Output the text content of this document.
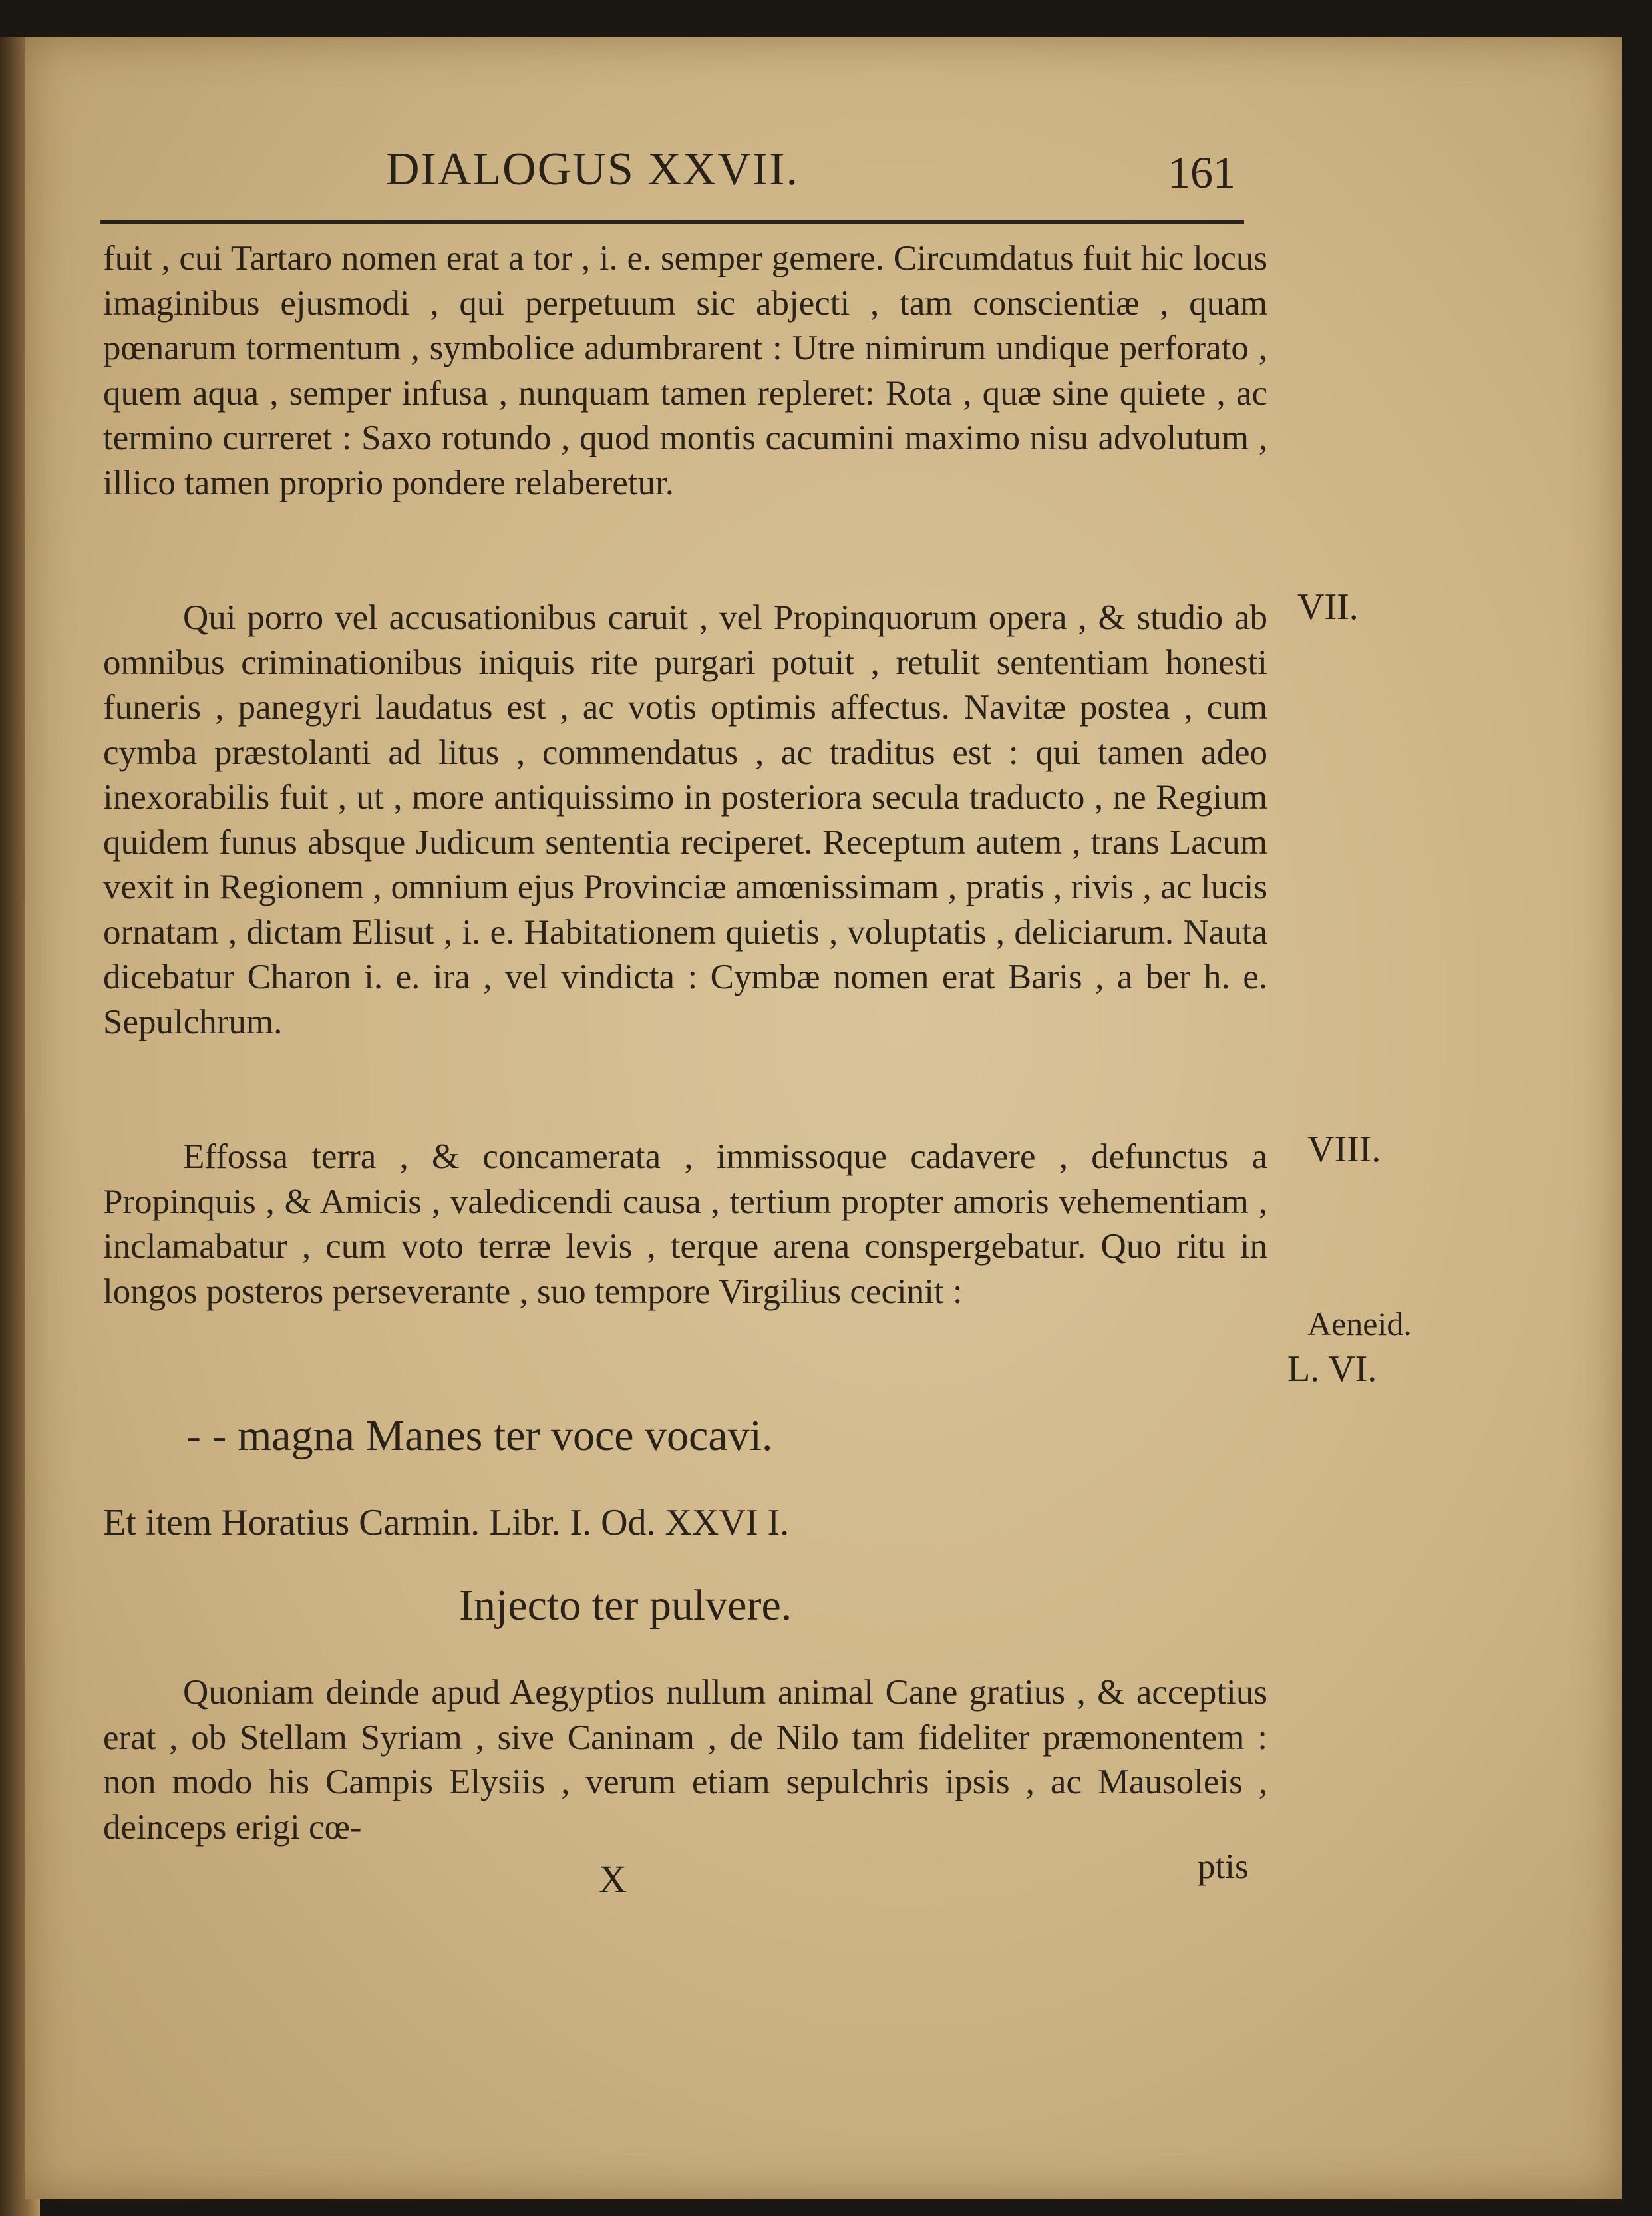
DIALOGUS XXVII.	161

fuit , cui Tartaro nomen erat a tor , i. e. semper gemere. Circumdatus fuit hic locus imaginibus ejusmodi , qui perpetuum sic abjecti , tam conscientiæ , quam pœnarum tormentum , symbolice adumbrarent : Utre nimirum undique perforato , quem aqua , semper infusa , nunquam tamen repleret: Rota , quæ sine quiete , ac termino curreret : Saxo rotundo , quod montis cacumini maximo nisu advolutum , illico tamen proprio pondere relaberetur.

Qui porro vel accusationibus caruit , vel Propinquorum opera , & studio ab omnibus criminationibus iniquis rite purgari potuit , retulit sententiam honesti funeris , panegyri laudatus est , ac votis optimis affectus. Navitæ postea , cum cymba præstolanti ad litus , commendatus , ac traditus est : qui tamen adeo inexorabilis fuit , ut , more antiquissimo in posteriora secula traducto , ne Regium quidem funus absque Judicum sententia reciperet. Receptum autem , trans Lacum vexit in Regionem , omnium ejus Provinciæ amœnissimam , pratis , rivis , ac lucis ornatam , dictam Elisut , i. e. Habitationem quietis , voluptatis , deliciarum. Nauta dicebatur Charon i. e. ira , vel vindicta : Cymbæ nomen erat Baris , a ber h. e. Sepulchrum.

Effossa terra , & concamerata , immissoque cadavere , defunctus a Propinquis , & Amicis , valedicendi causa , tertium propter amoris vehementiam , inclamabatur , cum voto terræ levis , terque arena conspergebatur. Quo ritu in longos posteros perseverante , suo tempore Virgilius cecinit :

- - magna Manes ter voce vocavi.

Et item Horatius Carmin. Libr. I. Od. XXVI I.

Injecto ter pulvere.

Quoniam deinde apud Aegyptios nullum animal Cane gratius , & acceptius erat , ob Stellam Syriam , sive Caninam , de Nilo tam fideliter præmonentem : non modo his Campis Elysiis , verum etiam sepulchris ipsis , ac Mausoleis , deinceps erigi cœ-

X	ptis
VII.
VIII.
Aeneid.
L. VI.
